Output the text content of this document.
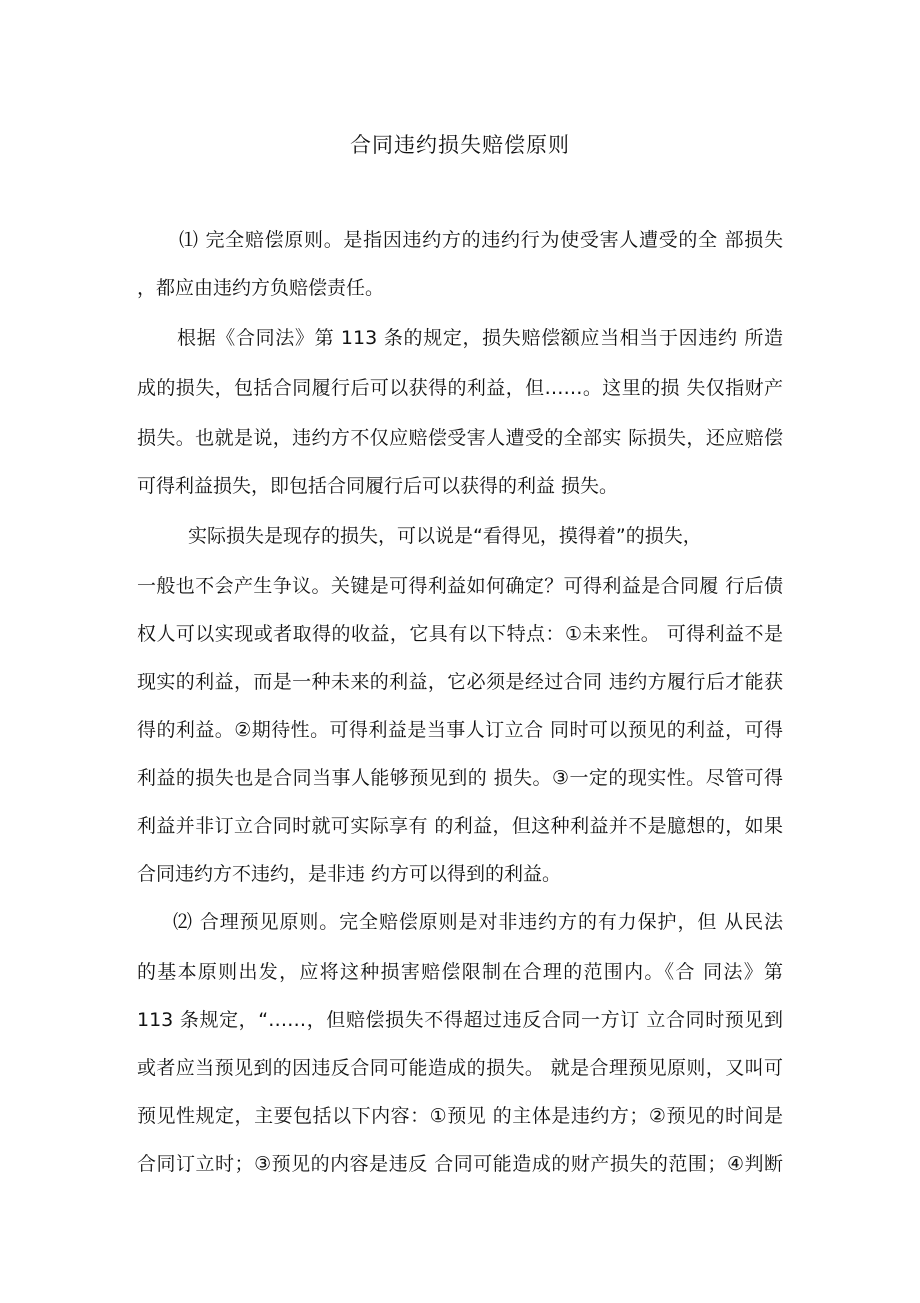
合同违约损失赔偿原则
⑴ 完全赔偿原则。是指因违约方的违约行为使受害人遭受的全 部损失
，都应由违约方负赔偿责任。
根据《合同法》第 113 条的规定，损失赔偿额应当相当于因违约 所造
成的损失，包括合同履行后可以获得的利益，但……。这里的损 失仅指财产
损失。也就是说，违约方不仅应赔偿受害人遭受的全部实 际损失，还应赔偿
可得利益损失，即包括合同履行后可以获得的利益 损失。
实际损失是现存的损失，可以说是“看得见，摸得着”的损失，
一般也不会产生争议。关键是可得利益如何确定？可得利益是合同履 行后债
权人可以实现或者取得的收益，它具有以下特点：①未来性。 可得利益不是
现实的利益，而是一种未来的利益，它必须是经过合同 违约方履行后才能获
得的利益。②期待性。可得利益是当事人订立合 同时可以预见的利益，可得
利益的损失也是合同当事人能够预见到的 损失。③一定的现实性。尽管可得
利益并非订立合同时就可实际享有 的利益，但这种利益并不是臆想的，如果
合同违约方不违约，是非违 约方可以得到的利益。
⑵ 合理预见原则。完全赔偿原则是对非违约方的有力保护，但 从民法
的基本原则出发，应将这种损害赔偿限制在合理的范围内。《合 同法》第
113 条规定，“……，但赔偿损失不得超过违反合同一方订 立合同时预见到
或者应当预见到的因违反合同可能造成的损失。 就是合理预见原则，又叫可
预见性规定，主要包括以下内容：①预见 的主体是违约方；②预见的时间是
合同订立时；③预见的内容是违反 合同可能造成的财产损失的范围；④判断
